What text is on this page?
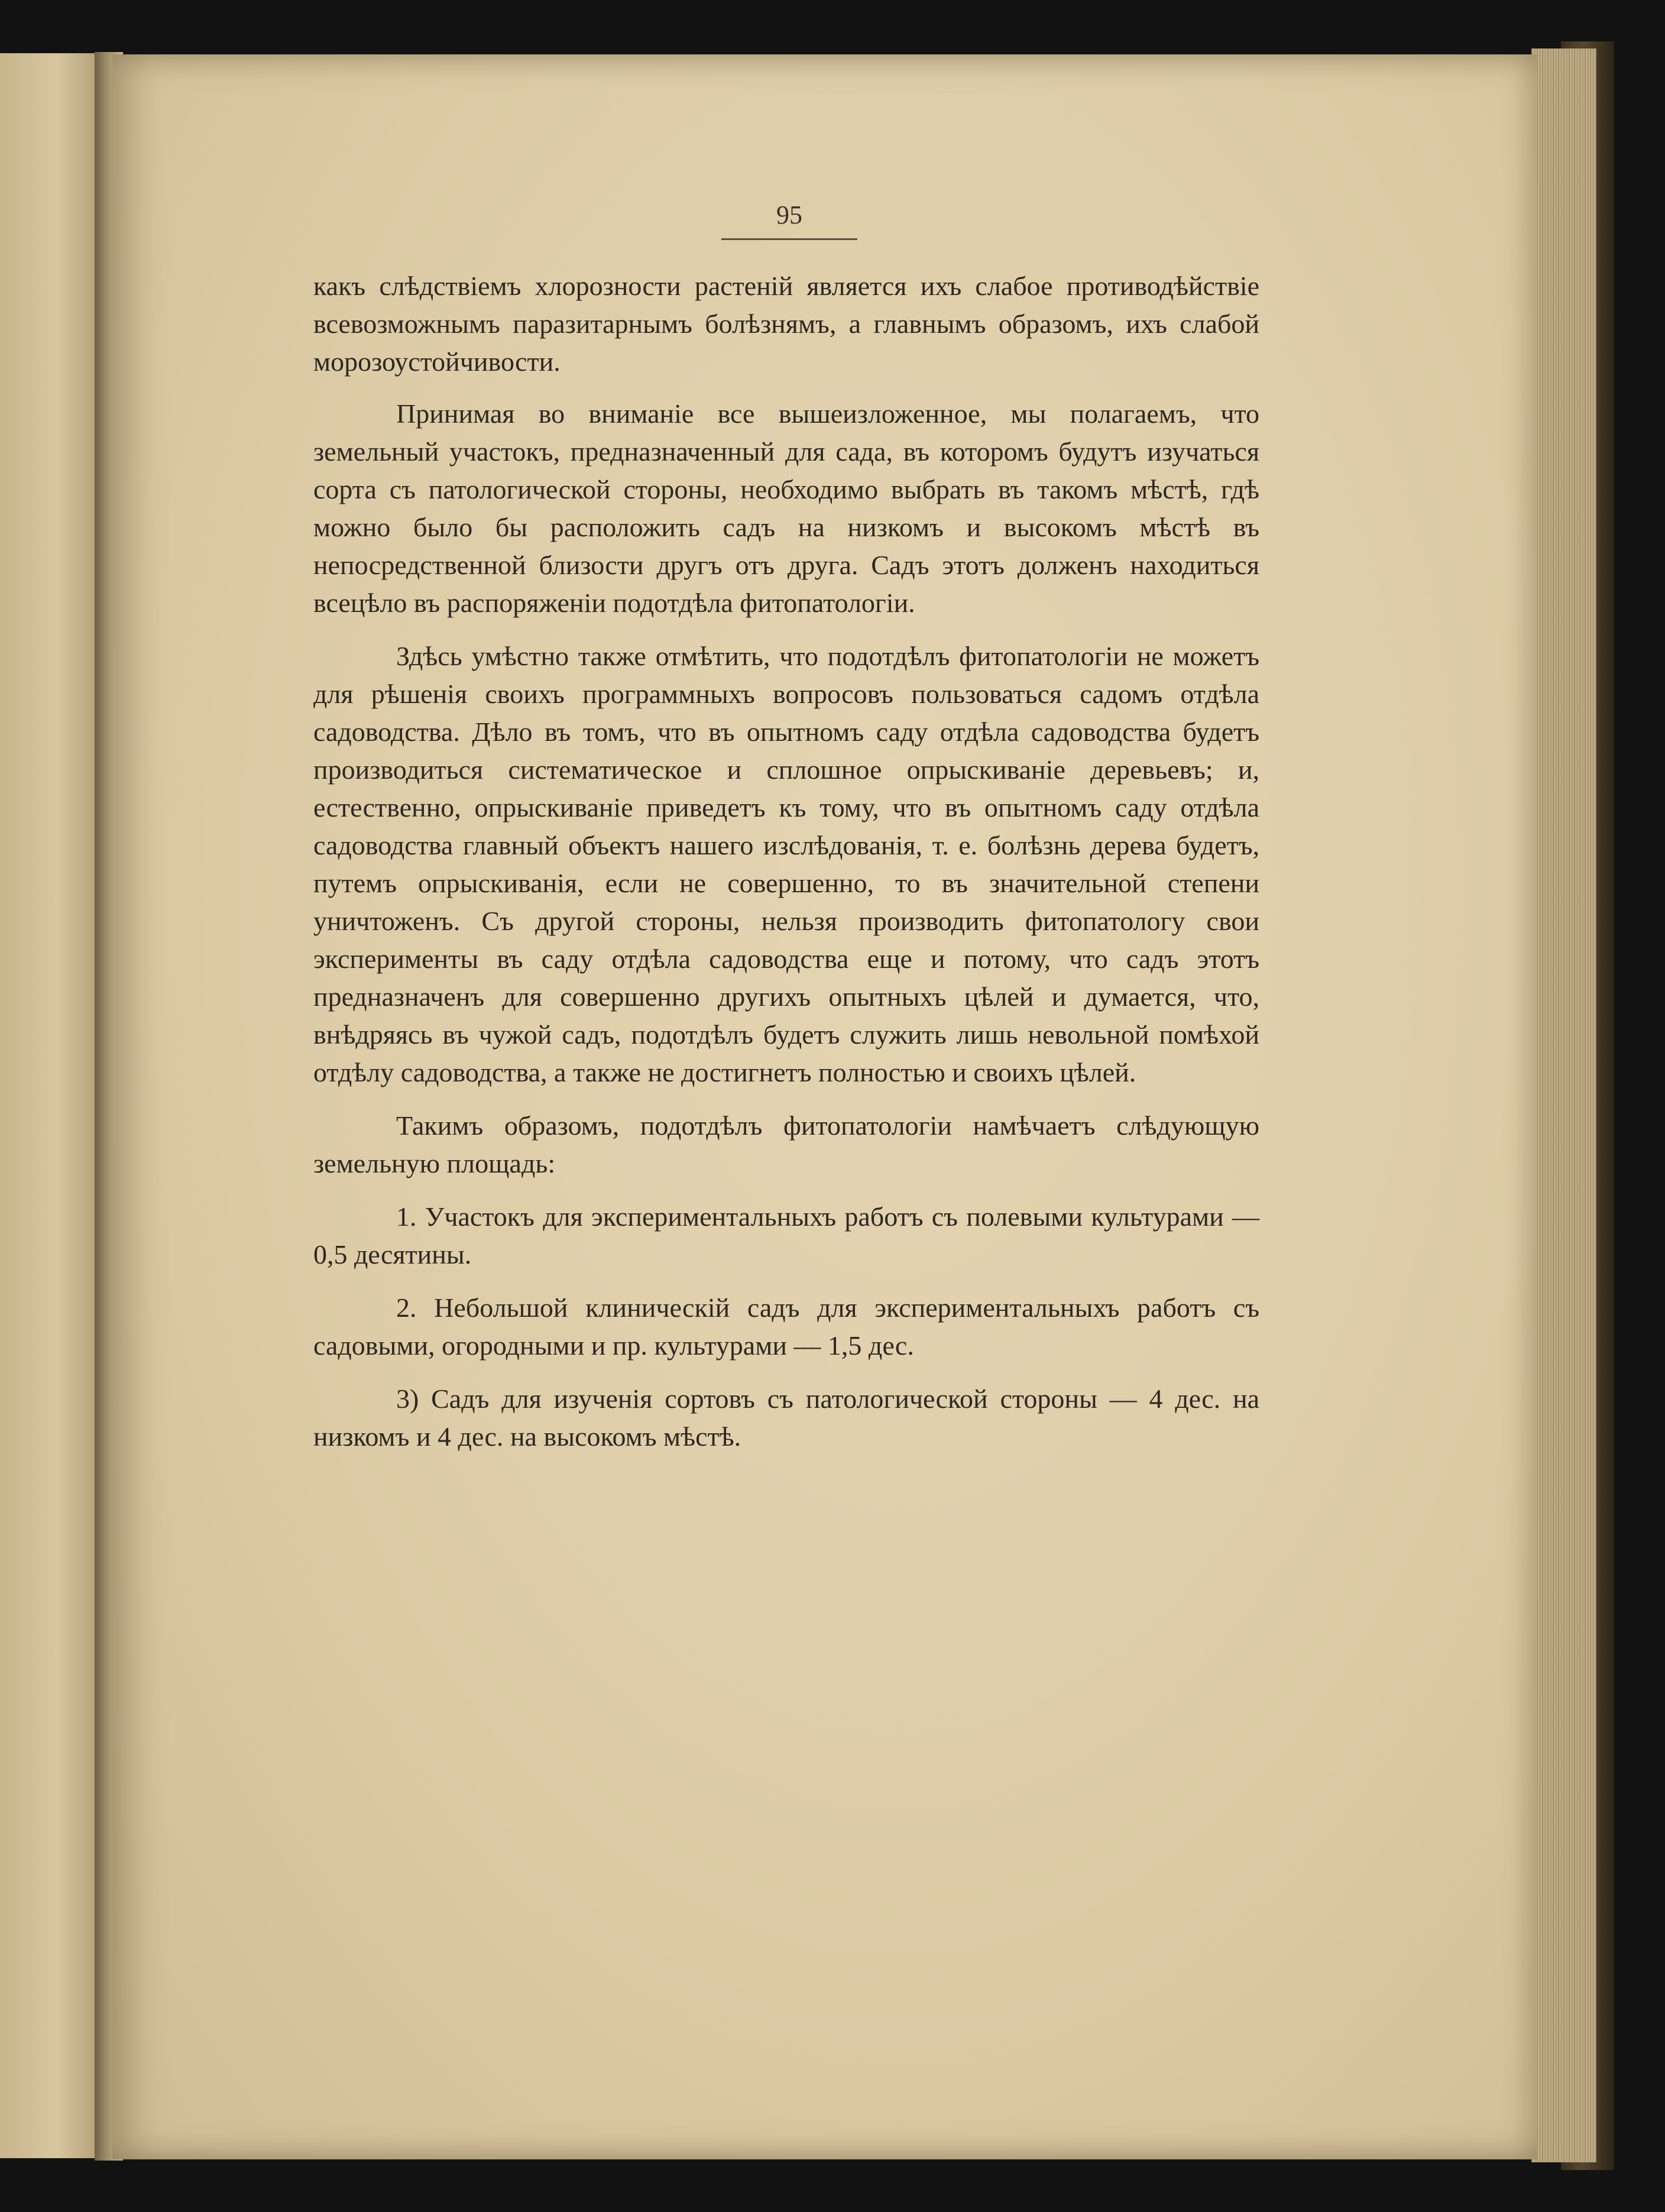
95

какъ слѣдствіемъ хлорозности растеній является ихъ слабое противодѣйствіе всевозможнымъ паразитарнымъ болѣзнямъ, а главнымъ образомъ, ихъ слабой морозоустойчивости.

Принимая во вниманіе все вышеизложенное, мы полагаемъ, что земельный участокъ, предназначенный для сада, въ которомъ будутъ изучаться сорта съ патологической стороны, необходимо выбрать въ такомъ мѣстѣ, гдѣ можно было бы расположить садъ на низкомъ и высокомъ мѣстѣ въ непосредственной близости другъ отъ друга. Садъ этотъ долженъ находиться всецѣло въ распоряженіи подотдѣла фитопатологіи.

Здѣсь умѣстно также отмѣтить, что подотдѣлъ фитопатологіи не можетъ для рѣшенія своихъ программныхъ вопросовъ пользоваться садомъ отдѣла садоводства. Дѣло въ томъ, что въ опытномъ саду отдѣла садоводства будетъ производиться систематическое и сплошное опрыскиваніе деревьевъ; и, естественно, опрыскиваніе приведетъ къ тому, что въ опытномъ саду отдѣла садоводства главный объектъ нашего изслѣдованія, т. е. болѣзнь дерева будетъ, путемъ опрыскиванія, если не совершенно, то въ значительной степени уничтоженъ. Съ другой стороны, нельзя производить фитопатологу свои эксперименты въ саду отдѣла садоводства еще и потому, что садъ этотъ предназначенъ для совершенно другихъ опытныхъ цѣлей и думается, что, внѣдряясь въ чужой садъ, подотдѣлъ будетъ служить лишь невольной помѣхой отдѣлу садоводства, а также не достигнетъ полностью и своихъ цѣлей.

Такимъ образомъ, подотдѣлъ фитопатологіи намѣчаетъ слѣдующую земельную площадь:

1. Участокъ для экспериментальныхъ работъ съ полевыми культурами — 0,5 десятины.

2. Небольшой клиническій садъ для экспериментальныхъ работъ съ садовыми, огородными и пр. культурами — 1,5 дес.

3) Садъ для изученія сортовъ съ патологической стороны — 4 дес. на низкомъ и 4 дес. на высокомъ мѣстѣ.
